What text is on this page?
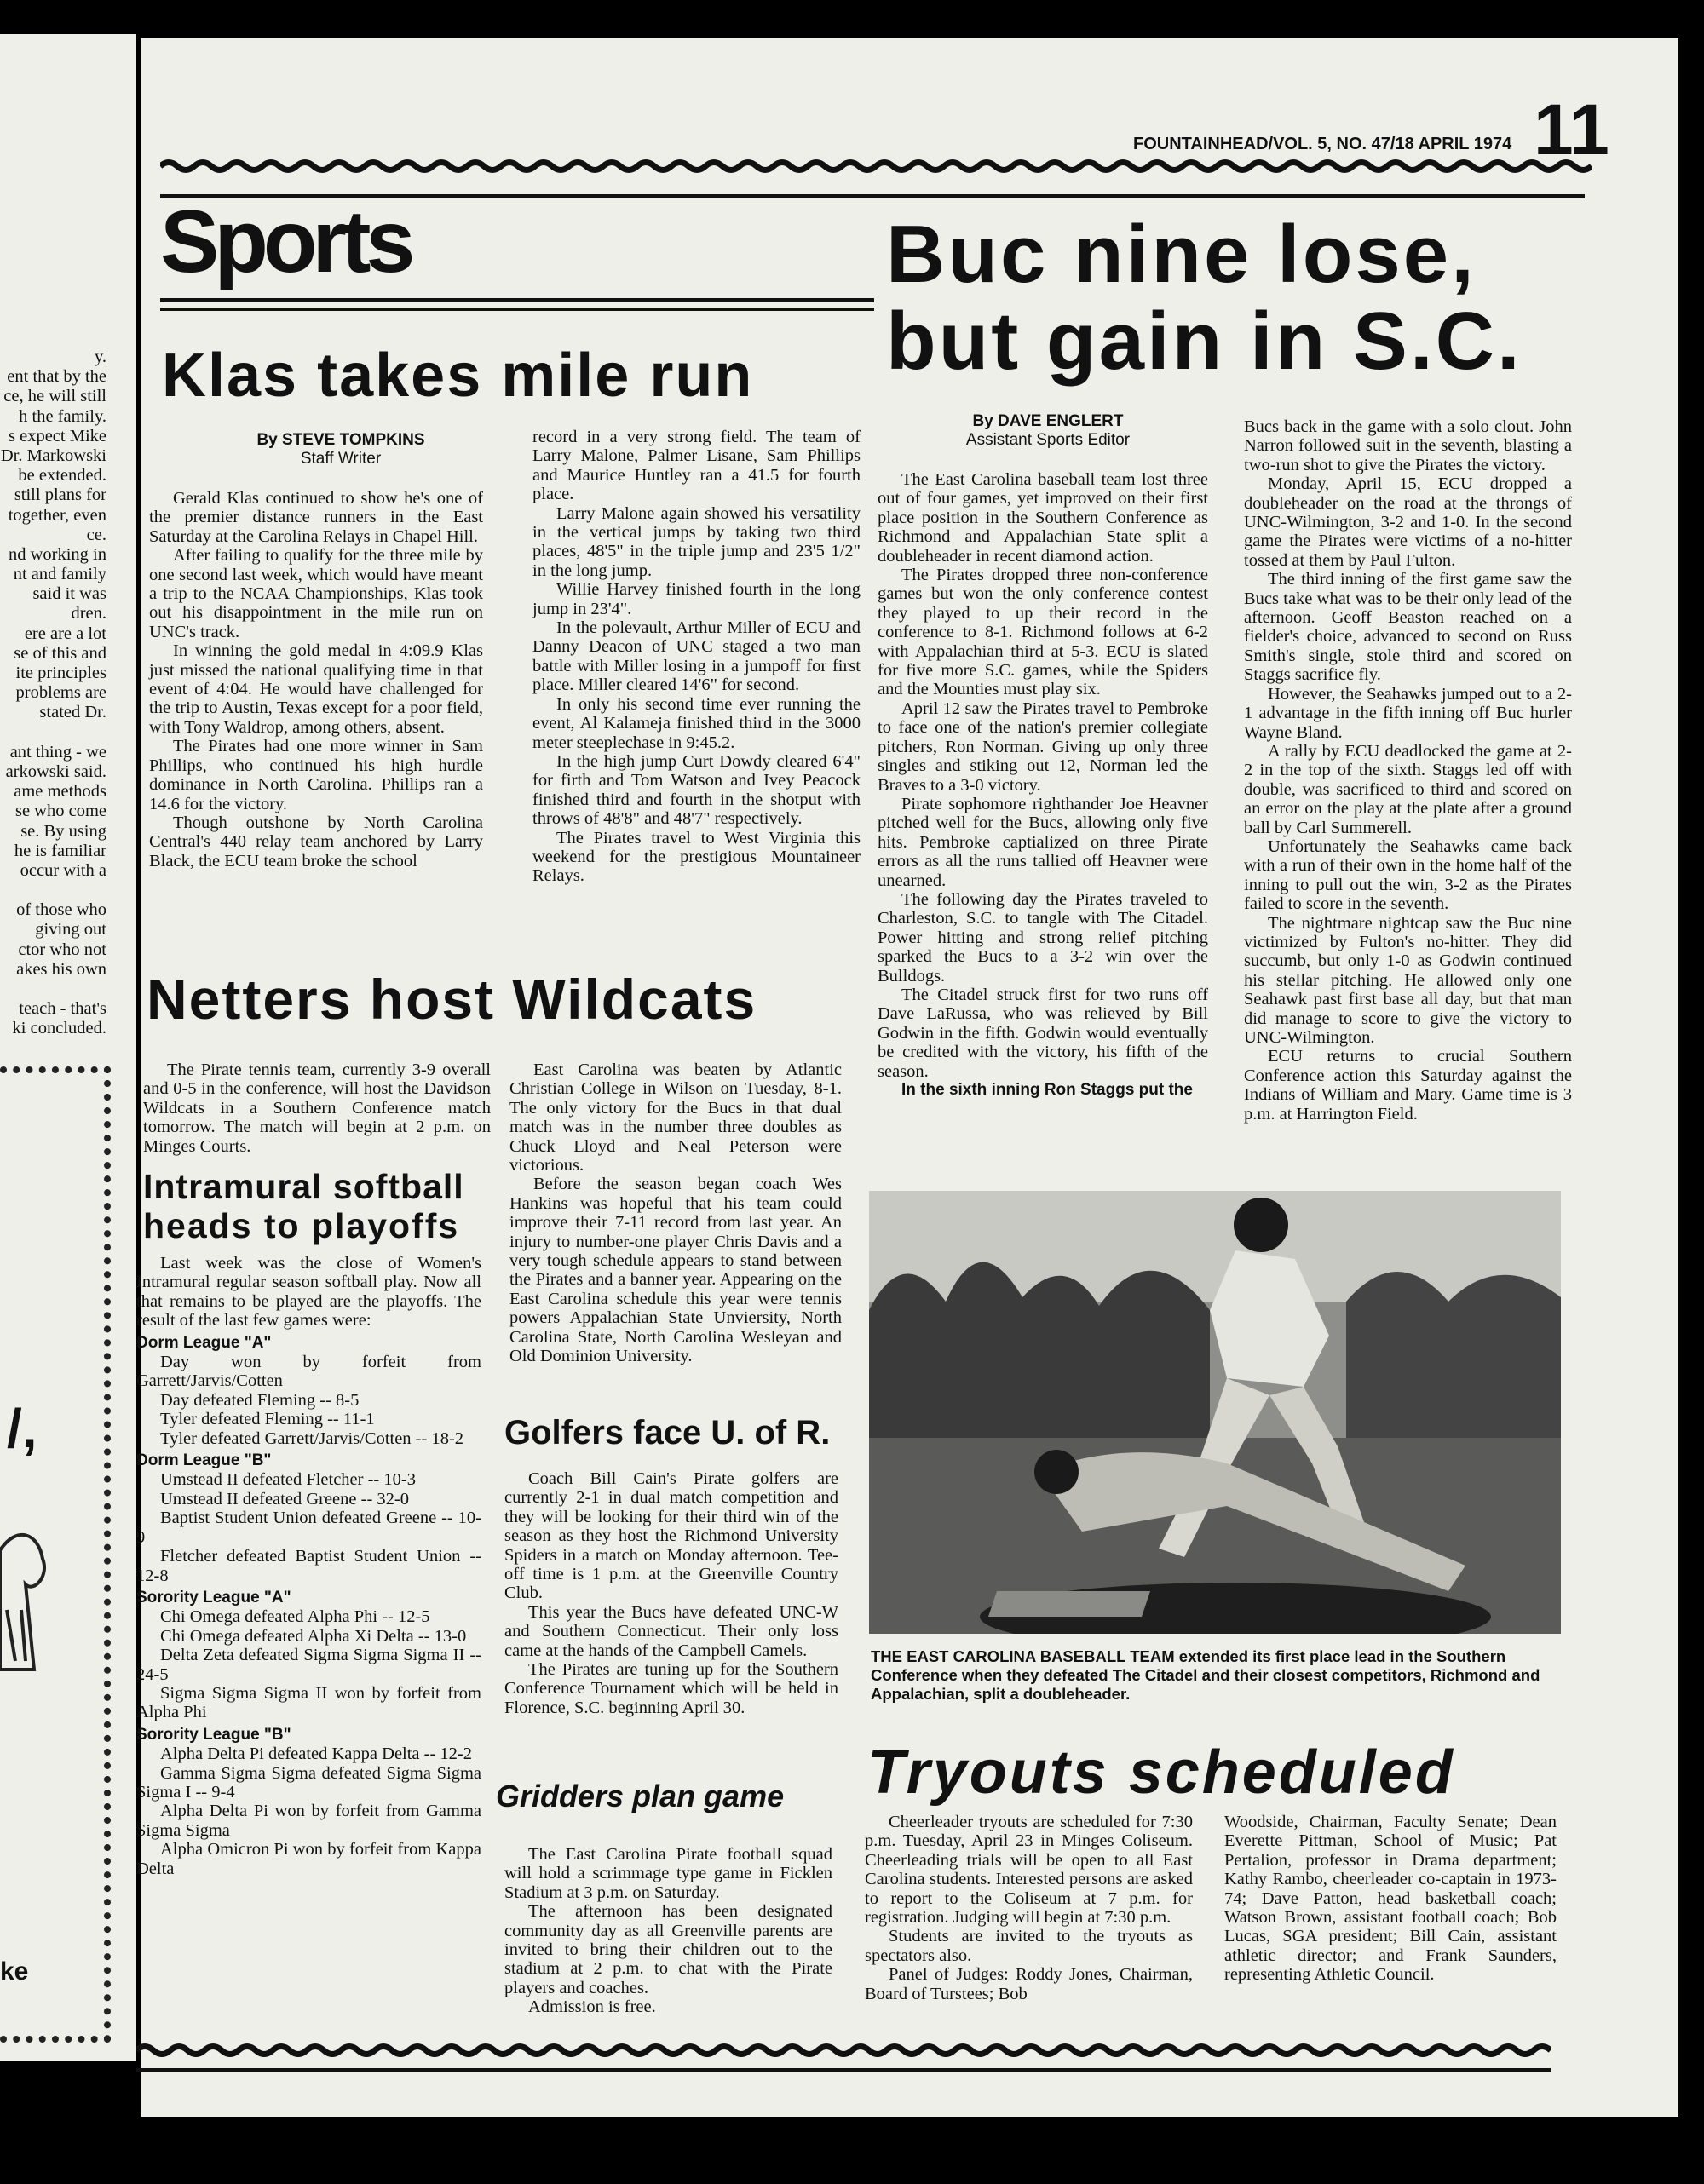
y.
ent that by the
ce, he will still
h the family.
s expect Mike
Dr. Markowski
be extended.
still plans for
together, even
ce.
nd working in
nt and family
said it was
dren.
ere are a lot
se of this and
ite principles
problems are
stated Dr.
ant thing - we
arkowski said.
ame methods
se who come
se. By using
he is familiar
occur with a
of those who
giving out
ctor who not
akes his own
teach - that's
ki concluded.
/,
ke
FOUNTAINHEAD/VOL. 5, NO. 47/18 APRIL 1974 11
Sports
Klas takes mile run
By STEVE TOMPKINS
Staff Writer

Gerald Klas continued to show he's one of the premier distance runners in the East Saturday at the Carolina Relays in Chapel Hill.

After failing to qualify for the three mile by one second last week, which would have meant a trip to the NCAA Championships, Klas took out his disappointment in the mile run on UNC's track.

In winning the gold medal in 4:09.9 Klas just missed the national qualifying time in that event of 4:04. He would have challenged for the trip to Austin, Texas except for a poor field, with Tony Waldrop, among others, absent.

The Pirates had one more winner in Sam Phillips, who continued his high hurdle dominance in North Carolina. Phillips ran a 14.6 for the victory.

Though outshone by North Carolina Central's 440 relay team anchored by Larry Black, the ECU team broke the school

record in a very strong field. The team of Larry Malone, Palmer Lisane, Sam Phillips and Maurice Huntley ran a 41.5 for fourth place.

Larry Malone again showed his versatility in the vertical jumps by taking two third places, 48'5" in the triple jump and 23'5 1/2" in the long jump.

Willie Harvey finished fourth in the long jump in 23'4".

In the polevault, Arthur Miller of ECU and Danny Deacon of UNC staged a two man battle with Miller losing in a jumpoff for first place. Miller cleared 14'6" for second.

In only his second time ever running the event, Al Kalameja finished third in the 3000 meter steeplechase in 9:45.2.

In the high jump Curt Dowdy cleared 6'4" for firth and Tom Watson and Ivey Peacock finished third and fourth in the shotput with throws of 48'8" and 48'7" respectively.

The Pirates travel to West Virginia this weekend for the prestigious Mountaineer Relays.

Buc nine lose,
but gain in S.C.
By DAVE ENGLERT
Assistant Sports Editor

The East Carolina baseball team lost three out of four games, yet improved on their first place position in the Southern Conference as Richmond and Appalachian State split a doubleheader in recent diamond action.

The Pirates dropped three non-conference games but won the only conference contest they played to up their record in the conference to 8-1. Richmond follows at 6-2 with Appalachian third at 5-3. ECU is slated for five more S.C. games, while the Spiders and the Mounties must play six.

April 12 saw the Pirates travel to Pembroke to face one of the nation's premier collegiate pitchers, Ron Norman. Giving up only three singles and stiking out 12, Norman led the Braves to a 3-0 victory.

Pirate sophomore righthander Joe Heavner pitched well for the Bucs, allowing only five hits. Pembroke captialized on three Pirate errors as all the runs tallied off Heavner were unearned.

The following day the Pirates traveled to Charleston, S.C. to tangle with The Citadel. Power hitting and strong relief pitching sparked the Bucs to a 3-2 win over the Bulldogs.

The Citadel struck first for two runs off Dave LaRussa, who was relieved by Bill Godwin in the fifth. Godwin would eventually be credited with the victory, his fifth of the season.

In the sixth inning Ron Staggs put the

Bucs back in the game with a solo clout. John Narron followed suit in the seventh, blasting a two-run shot to give the Pirates the victory.

Monday, April 15, ECU dropped a doubleheader on the road at the throngs of UNC-Wilmington, 3-2 and 1-0. In the second game the Pirates were victims of a no-hitter tossed at them by Paul Fulton.

The third inning of the first game saw the Bucs take what was to be their only lead of the afternoon. Geoff Beaston reached on a fielder's choice, advanced to second on Russ Smith's single, stole third and scored on Staggs sacrifice fly.

However, the Seahawks jumped out to a 2-1 advantage in the fifth inning off Buc hurler Wayne Bland.

A rally by ECU deadlocked the game at 2-2 in the top of the sixth. Staggs led off with double, was sacrificed to third and scored on an error on the play at the plate after a ground ball by Carl Summerell.

Unfortunately the Seahawks came back with a run of their own in the home half of the inning to pull out the win, 3-2 as the Pirates failed to score in the seventh.

The nightmare nightcap saw the Buc nine victimized by Fulton's no-hitter. They did succumb, but only 1-0 as Godwin continued his stellar pitching. He allowed only one Seahawk past first base all day, but that man did manage to score to give the victory to UNC-Wilmington.

ECU returns to crucial Southern Conference action this Saturday against the Indians of William and Mary. Game time is 3 p.m. at Harrington Field.

THE EAST CAROLINA BASEBALL TEAM extended its first place lead in the Southern Conference when they defeated The Citadel and their closest competitors, Richmond and Appalachian, split a doubleheader.
Netters host Wildcats

The Pirate tennis team, currently 3-9 overall and 0-5 in the conference, will host the Davidson Wildcats in a Southern Conference match tomorrow. The match will begin at 2 p.m. on Minges Courts.

East Carolina was beaten by Atlantic Christian College in Wilson on Tuesday, 8-1. The only victory for the Bucs in that dual match was in the number three doubles as Chuck Lloyd and Neal Peterson were victorious.

Before the season began coach Wes Hankins was hopeful that his team could improve their 7-11 record from last year. An injury to number-one player Chris Davis and a very tough schedule appears to stand between the Pirates and a banner year. Appearing on the East Carolina schedule this year were tennis powers Appalachian State Unviersity, North Carolina State, North Carolina Wesleyan and Old Dominion University.

Intramural softball
heads to playoffs

Last week was the close of Women's Intramural regular season softball play. Now all that remains to be played are the playoffs. The result of the last few games were:

Dorm League "A"

Day won by forfeit from Garrett/Jarvis/Cotten

Day defeated Fleming -- 8-5

Tyler defeated Fleming -- 11-1

Tyler defeated Garrett/Jarvis/Cotten -- 18-2

Dorm League "B"

Umstead II defeated Fletcher -- 10-3

Umstead II defeated Greene -- 32-0

Baptist Student Union defeated Greene -- 10-9

Fletcher defeated Baptist Student Union -- 12-8

Sorority League "A"

Chi Omega defeated Alpha Phi -- 12-5

Chi Omega defeated Alpha Xi Delta -- 13-0

Delta Zeta defeated Sigma Sigma Sigma II -- 24-5

Sigma Sigma Sigma II won by forfeit from Alpha Phi

Sorority League "B"

Alpha Delta Pi defeated Kappa Delta -- 12-2

Gamma Sigma Sigma defeated Sigma Sigma Sigma I -- 9-4

Alpha Delta Pi won by forfeit from Gamma Sigma Sigma

Alpha Omicron Pi won by forfeit from Kappa Delta

Golfers face U. of R.

Coach Bill Cain's Pirate golfers are currently 2-1 in dual match competition and they will be looking for their third win of the season as they host the Richmond University Spiders in a match on Monday afternoon. Tee-off time is 1 p.m. at the Greenville Country Club.

This year the Bucs have defeated UNC-W and Southern Connecticut. Their only loss came at the hands of the Campbell Camels.

The Pirates are tuning up for the Southern Conference Tournament which will be held in Florence, S.C. beginning April 30.

Gridders plan game

The East Carolina Pirate football squad will hold a scrimmage type game in Ficklen Stadium at 3 p.m. on Saturday.

The afternoon has been designated community day as all Greenville parents are invited to bring their children out to the stadium at 2 p.m. to chat with the Pirate players and coaches.

Admission is free.

Tryouts scheduled

Cheerleader tryouts are scheduled for 7:30 p.m. Tuesday, April 23 in Minges Coliseum. Cheerleading trials will be open to all East Carolina students. Interested persons are asked to report to the Coliseum at 7 p.m. for registration. Judging will begin at 7:30 p.m.

Students are invited to the tryouts as spectators also.

Panel of Judges: Roddy Jones, Chairman, Board of Turstees; Bob

Woodside, Chairman, Faculty Senate; Dean Everette Pittman, School of Music; Pat Pertalion, professor in Drama department; Kathy Rambo, cheerleader co-captain in 1973-74; Dave Patton, head basketball coach; Watson Brown, assistant football coach; Bob Lucas, SGA president; Bill Cain, assistant athletic director; and Frank Saunders, representing Athletic Council.
